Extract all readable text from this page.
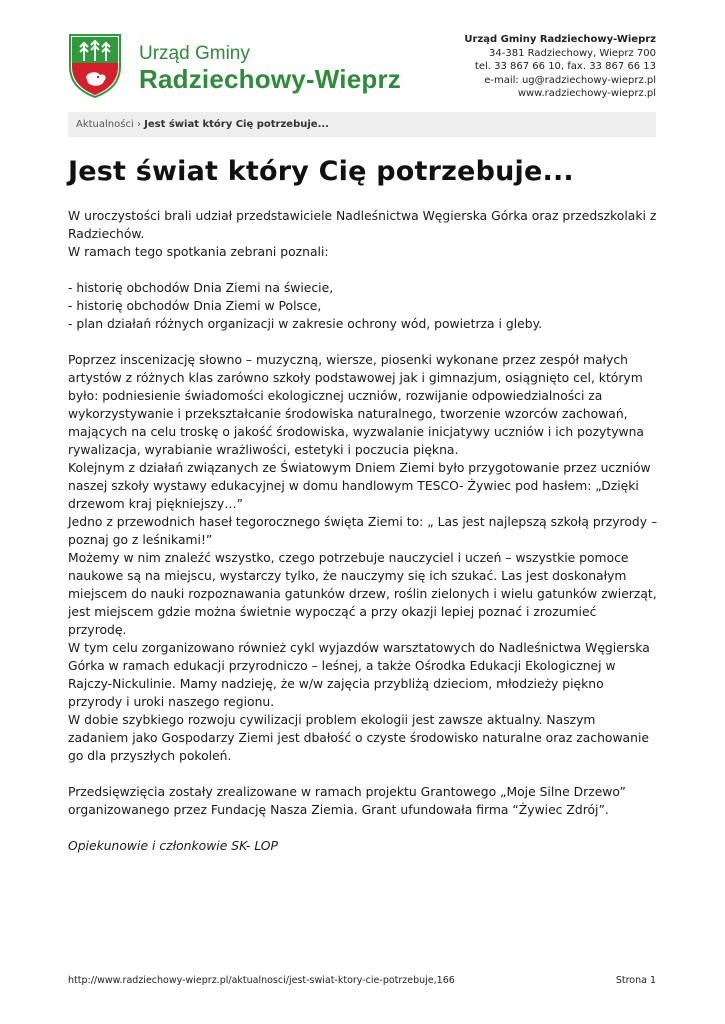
Urząd Gminy
Radziechowy-Wieprz
Urząd Gminy Radziechowy-Wieprz
34-381 Radziechowy, Wieprz 700
tel. 33 867 66 10, fax. 33 867 66 13
e-mail: ug@radziechowy-wieprz.pl
www.radziechowy-wieprz.pl
Aktualności › Jest świat który Cię potrzebuje...
Jest świat który Cię potrzebuje...

W uroczystości brali udział przedstawiciele Nadleśnictwa Węgierska Górka oraz przedszkolaki z Radziechów.

W ramach tego spotkania zebrani poznali:

- historię obchodów Dnia Ziemi na świecie,

- historię obchodów Dnia Ziemi w Polsce,

- plan działań różnych organizacji w zakresie ochrony wód, powietrza i gleby.

Poprzez inscenizację słowno – muzyczną, wiersze, piosenki wykonane przez zespół małych artystów z różnych klas zarówno szkoły podstawowej jak i gimnazjum, osiągnięto cel, którym było: podniesienie świadomości ekologicznej uczniów, rozwijanie odpowiedzialności za wykorzystywanie i przekształcanie środowiska naturalnego, tworzenie wzorców zachowań, mających na celu troskę o jakość środowiska, wyzwalanie inicjatywy uczniów i ich pozytywna rywalizacja, wyrabianie wrażliwości, estetyki i poczucia piękna.

Kolejnym z działań związanych ze Światowym Dniem Ziemi było przygotowanie przez uczniów naszej szkoły wystawy edukacyjnej w domu handlowym TESCO- Żywiec pod hasłem: „Dzięki drzewom kraj piękniejszy…”

Jedno z przewodnich haseł tegorocznego święta Ziemi to: „ Las jest najlepszą szkołą przyrody – poznaj go z leśnikami!”

Możemy w nim znaleźć wszystko, czego potrzebuje nauczyciel i uczeń – wszystkie pomoce naukowe są na miejscu, wystarczy tylko, że nauczymy się ich szukać. Las jest doskonałym miejscem do nauki rozpoznawania gatunków drzew, roślin zielonych i wielu gatunków zwierząt, jest miejscem gdzie można świetnie wypocząć a przy okazji lepiej poznać i zrozumieć przyrodę.

W tym celu zorganizowano również cykl wyjazdów warsztatowych do Nadleśnictwa Węgierska Górka w ramach edukacji przyrodniczo – leśnej, a także Ośrodka Edukacji Ekologicznej w Rajczy-Nickulinie. Mamy nadzieję, że w/w zajęcia przybliżą dzieciom, młodzieży piękno przyrody i uroki naszego regionu.

W dobie szybkiego rozwoju cywilizacji problem ekologii jest zawsze aktualny. Naszym zadaniem jako Gospodarzy Ziemi jest dbałość o czyste środowisko naturalne oraz zachowanie go dla przyszłych pokoleń.

Przedsięwzięcia zostały zrealizowane w ramach projektu Grantowego „Moje Silne Drzewo” organizowanego przez Fundację Nasza Ziemia. Grant ufundowała firma “Żywiec Zdrój”.

Opiekunowie i członkowie SK- LOP

http://www.radziechowy-wieprz.pl/aktualnosci/jest-swiat-ktory-cie-potrzebuje,166	Strona 1
